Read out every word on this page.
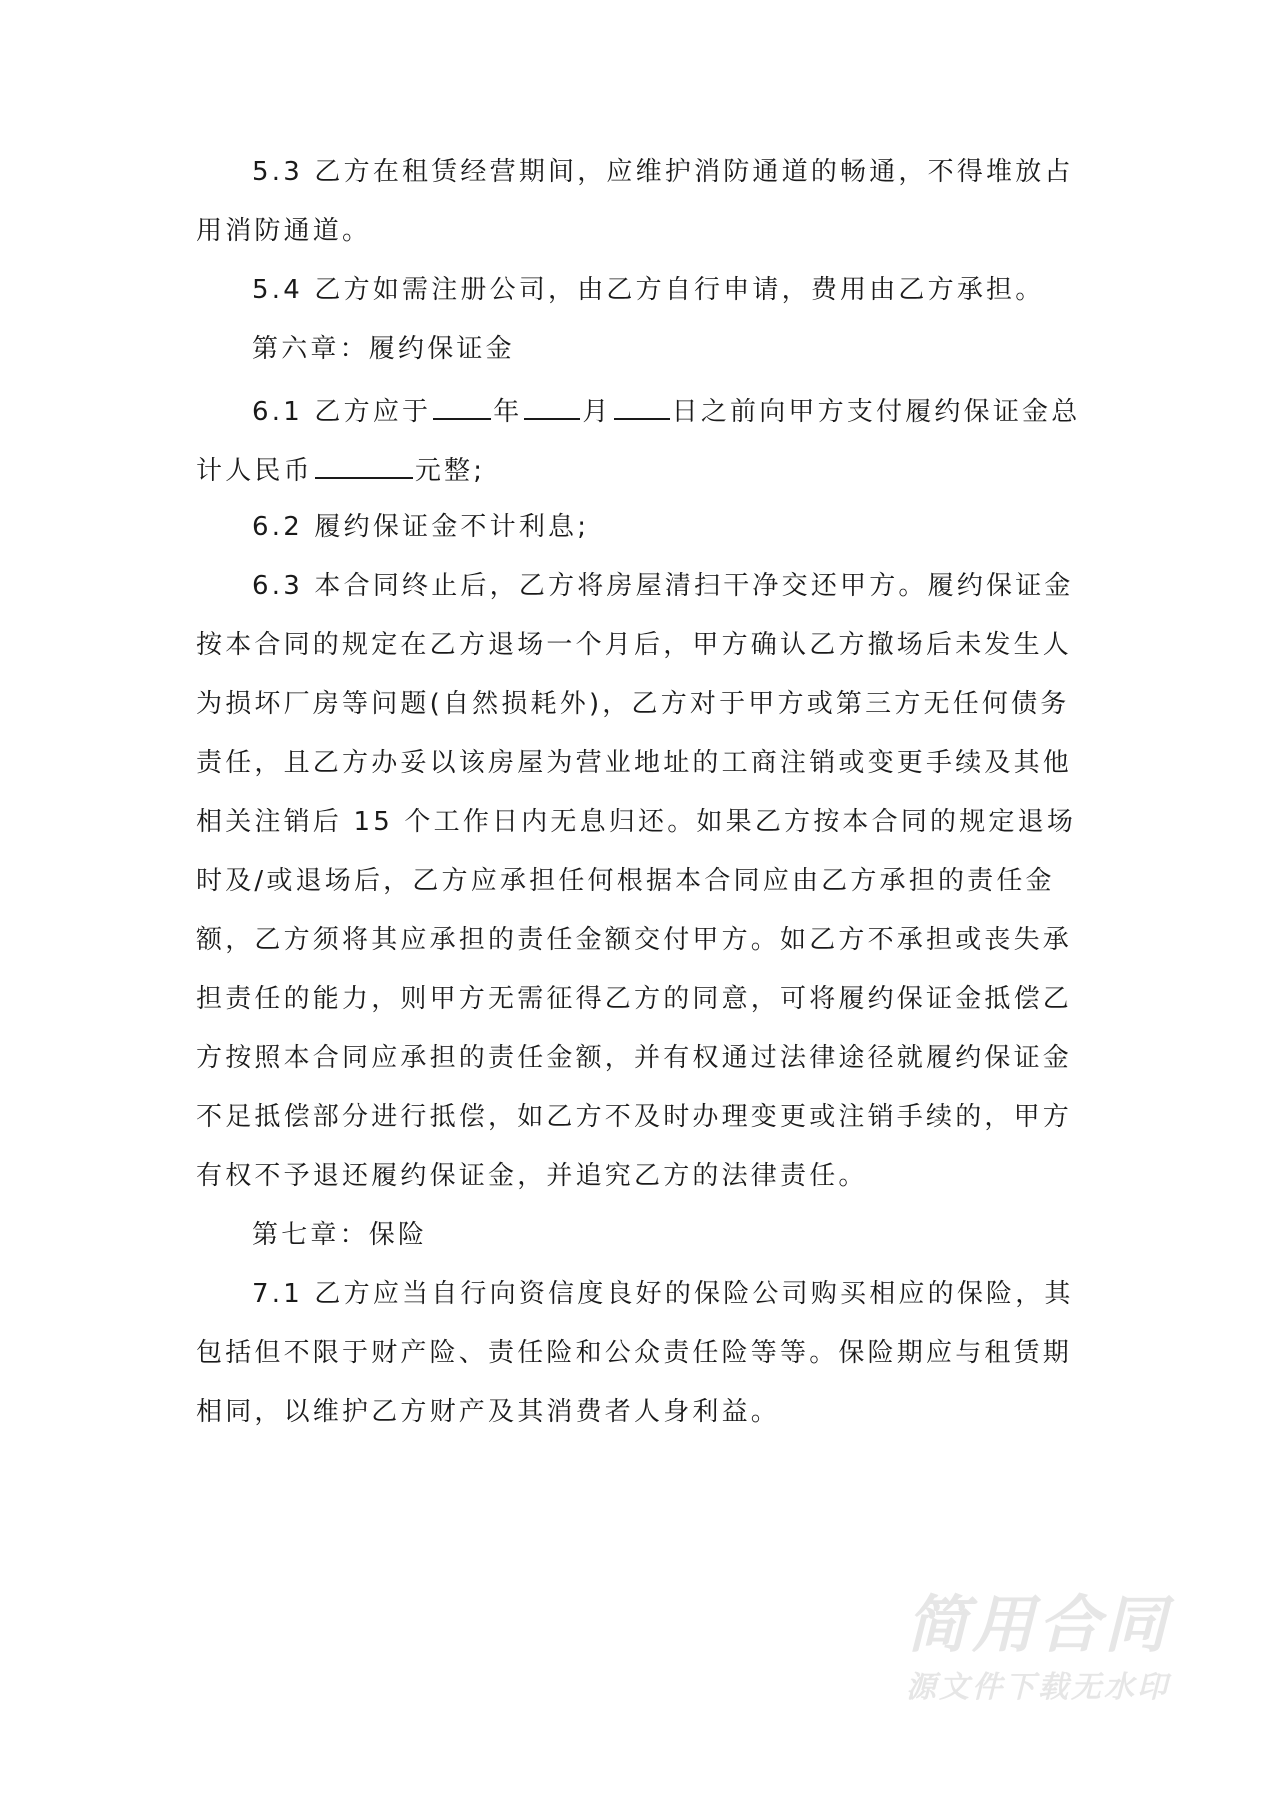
5.3 乙方在租赁经营期间，应维护消防通道的畅通，不得堆放占
用消防通道。
5.4 乙方如需注册公司，由乙方自行申请，费用由乙方承担。
第六章：履约保证金
6.1 乙方应于 年 月 日之前向甲方支付履约保证金总
计人民币	元整;
6.2 履约保证金不计利息;
6.3 本合同终止后，乙方将房屋清扫干净交还甲方。履约保证金
按本合同的规定在乙方退场一个月后，甲方确认乙方撤场后未发生人
为损坏厂房等问题(自然损耗外)，乙方对于甲方或第三方无任何债务
责任，且乙方办妥以该房屋为营业地址的工商注销或变更手续及其他
相关注销后 15 个工作日内无息归还。如果乙方按本合同的规定退场
时及/或退场后，乙方应承担任何根据本合同应由乙方承担的责任金
额，乙方须将其应承担的责任金额交付甲方。如乙方不承担或丧失承
担责任的能力，则甲方无需征得乙方的同意，可将履约保证金抵偿乙
方按照本合同应承担的责任金额，并有权通过法律途径就履约保证金
不足抵偿部分进行抵偿，如乙方不及时办理变更或注销手续的，甲方
有权不予退还履约保证金，并追究乙方的法律责任。
第七章：保险
7.1 乙方应当自行向资信度良好的保险公司购买相应的保险，其
包括但不限于财产险、责任险和公众责任险等等。保险期应与租赁期
相同，以维护乙方财产及其消费者人身利益。
简用合同
源文件下载无水印
